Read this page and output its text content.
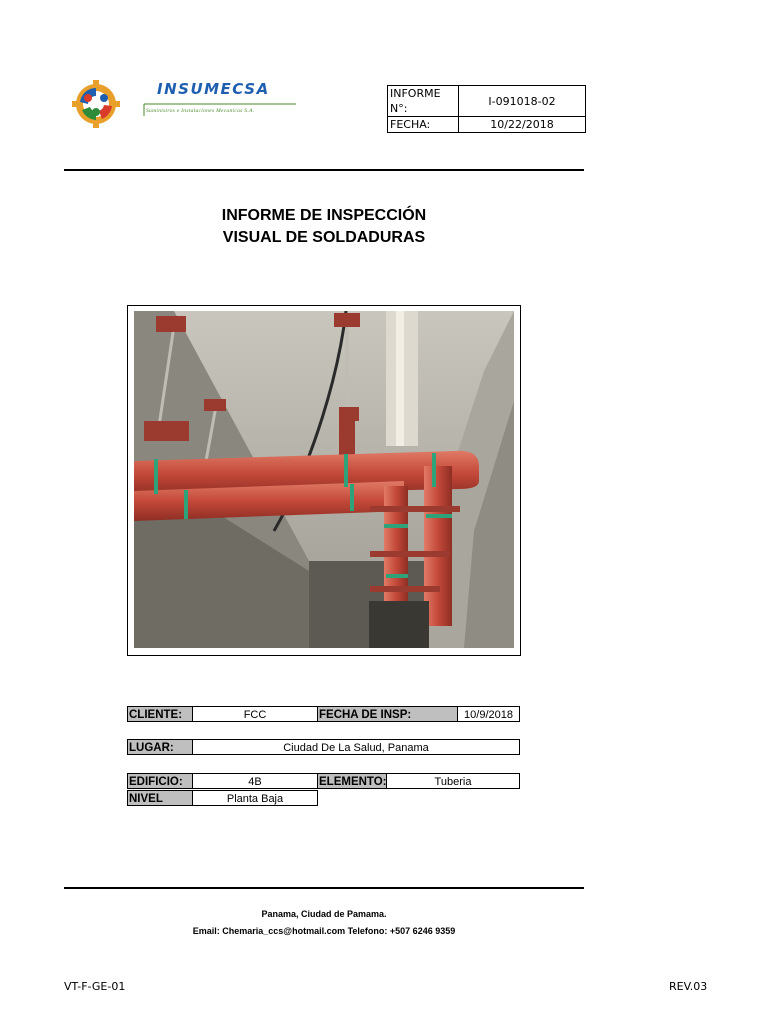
INSUMECSA
Suministros e Instalaciones Mecanicas S.A.
INFORME N°:	I-091018-02
FECHA:	10/22/2018
INFORME DE INSPECCIÓN
VISUAL DE SOLDADURAS
CLIENTE:	FCC	FECHA DE INSP:	10/9/2018
LUGAR:	Ciudad De La Salud, Panama
EDIFICIO:	4B	ELEMENTO:	Tuberia
NIVEL	Planta Baja
Panama, Ciudad de Pamama.
Email: Chemaria_ccs@hotmail.com Telefono: +507 6246 9359
VT-F-GE-01	REV.03
